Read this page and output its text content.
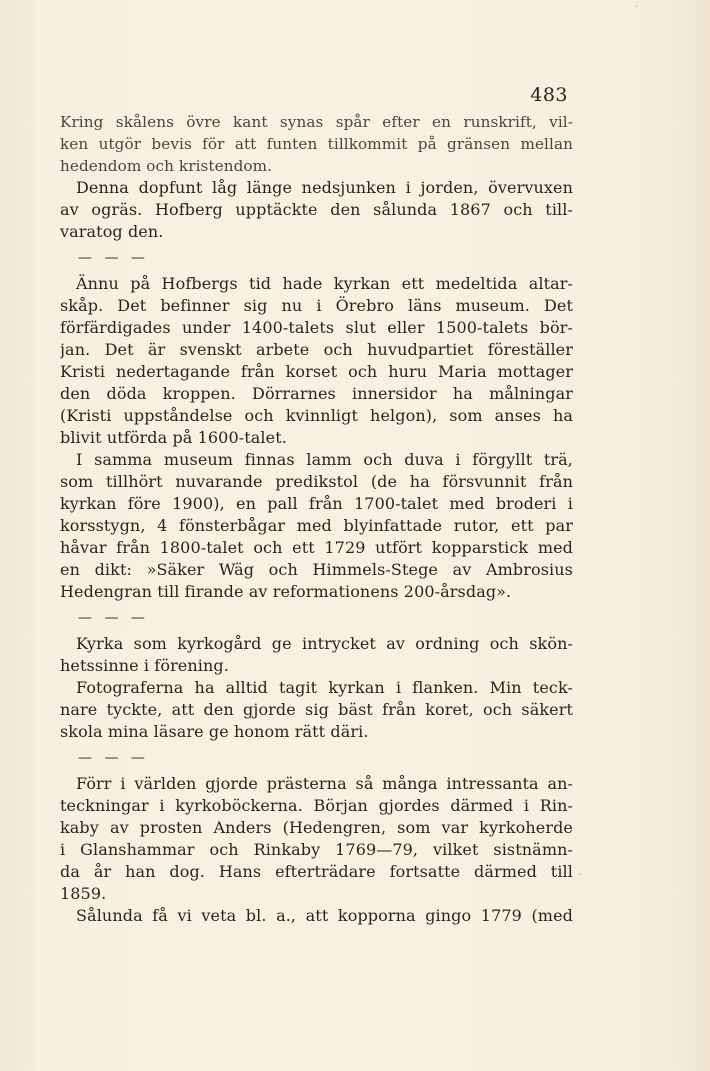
483
Kring skålens övre kant synas spår efter en runskrift, vil-
ken utgör bevis för att funten tillkommit på gränsen mellan
hedendom och kristendom.
Denna dopfunt låg länge nedsjunken i jorden, övervuxen
av ogräs. Hofberg upptäckte den sålunda 1867 och till-
varatog den.
— — —
Ännu på Hofbergs tid hade kyrkan ett medeltida altar-
skåp. Det befinner sig nu i Örebro läns museum. Det
förfärdigades under 1400-talets slut eller 1500-talets bör-
jan. Det är svenskt arbete och huvudpartiet föreställer
Kristi nedertagande från korset och huru Maria mottager
den döda kroppen. Dörrarnes innersidor ha målningar
(Kristi uppståndelse och kvinnligt helgon), som anses ha
blivit utförda på 1600-talet.
I samma museum finnas lamm och duva i förgyllt trä,
som tillhört nuvarande predikstol (de ha försvunnit från
kyrkan före 1900), en pall från 1700-talet med broderi i
korsstygn, 4 fönsterbågar med blyinfattade rutor, ett par
håvar från 1800-talet och ett 1729 utfört kopparstick med
en dikt: »Säker Wäg och Himmels-Stege av Ambrosius
Hedengran till firande av reformationens 200-årsdag».
— — —
Kyrka som kyrkogård ge intrycket av ordning och skön-
hetssinne i förening.
Fotograferna ha alltid tagit kyrkan i flanken. Min teck-
nare tyckte, att den gjorde sig bäst från koret, och säkert
skola mina läsare ge honom rätt däri.
— — —
Förr i världen gjorde prästerna så många intressanta an-
teckningar i kyrkoböckerna. Början gjordes därmed i Rin-
kaby av prosten Anders (Hedengren, som var kyrkoherde
i Glanshammar och Rinkaby 1769—79, vilket sistnämn-
da år han dog. Hans efterträdare fortsatte därmed till
1859.
Sålunda få vi veta bl. a., att kopporna gingo 1779 (med
ˊ
ˋ
